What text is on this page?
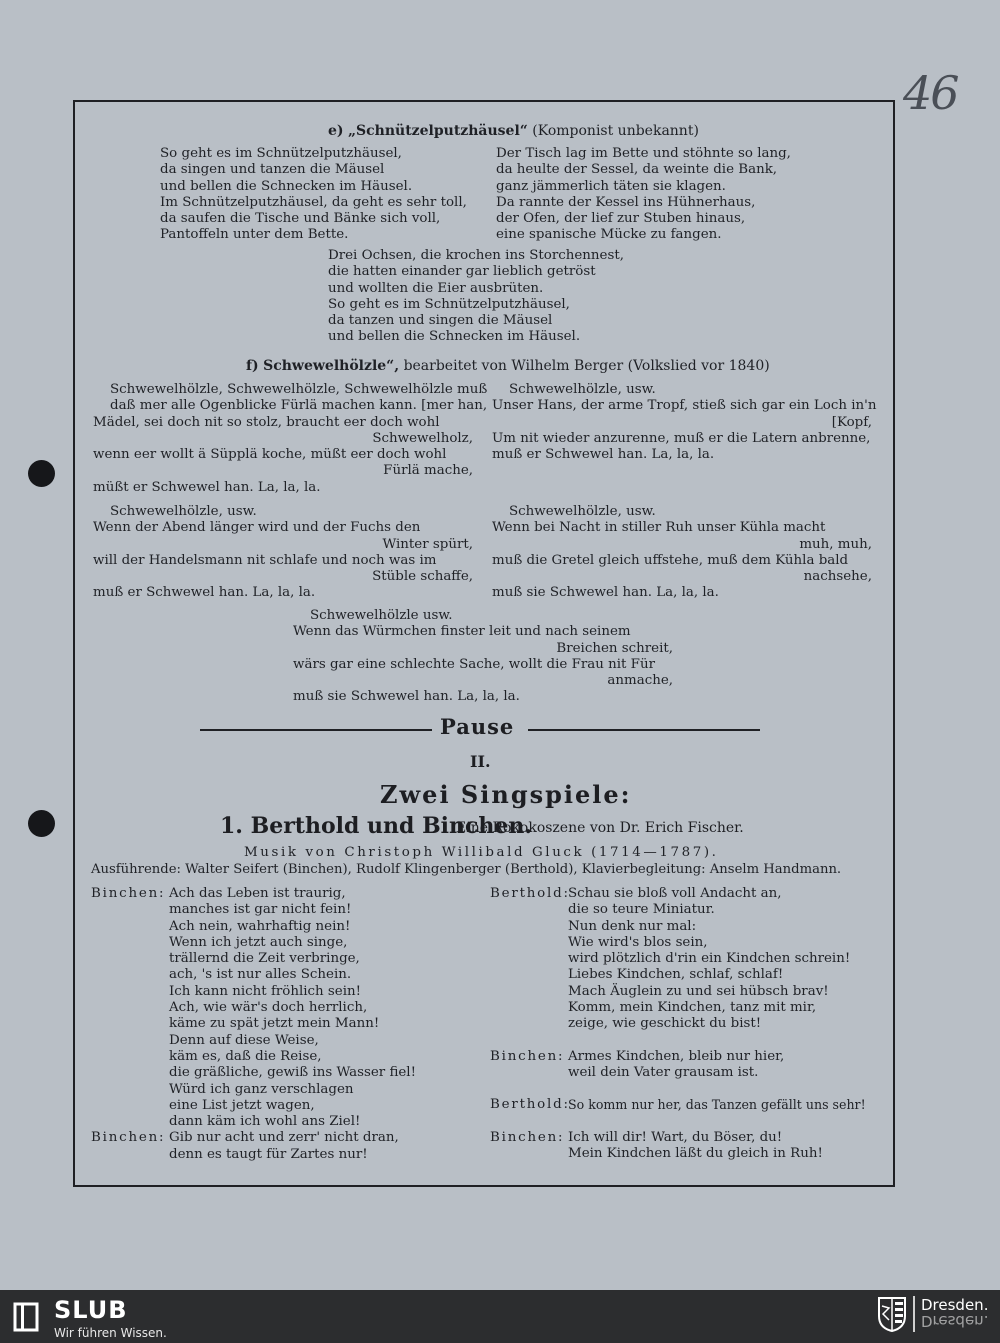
46
e) „Schnützelputzhäusel“ (Komponist unbekannt)

So geht es im Schnützelputzhäusel,

da singen und tanzen die Mäusel

und bellen die Schnecken im Häusel.

Im Schnützelputzhäusel, da geht es sehr toll,

da saufen die Tische und Bänke sich voll,

Pantoffeln unter dem Bette.

Der Tisch lag im Bette und stöhnte so lang,

da heulte der Sessel, da weinte die Bank,

ganz jämmerlich täten sie klagen.

Da rannte der Kessel ins Hühnerhaus,

der Ofen, der lief zur Stuben hinaus,

eine spanische Mücke zu fangen.

Drei Ochsen, die krochen ins Storchennest,

die hatten einander gar lieblich getröst

und wollten die Eier ausbrüten.

So geht es im Schnützelputzhäusel,

da tanzen und singen die Mäusel

und bellen die Schnecken im Häusel.

f) Schwewelhölzle“, bearbeitet von Wilhelm Berger (Volkslied vor 1840)

Schwewelhölzle, Schwewelhölzle, Schwewelhölzle muß

daß mer alle Ogenblicke Fürlä machen kann. [mer han,

Mädel, sei doch nit so stolz, braucht eer doch wohl

Schwewelholz,

wenn eer wollt ä Süpplä koche, müßt eer doch wohl

Fürlä mache,

müßt er Schwewel han. La, la, la.

Schwewelhölzle, usw.

Unser Hans, der arme Tropf, stieß sich gar ein Loch in'n

[Kopf,

Um nit wieder anzurenne, muß er die Latern anbrenne,

muß er Schwewel han. La, la, la.

Schwewelhölzle, usw.

Wenn der Abend länger wird und der Fuchs den

Winter spürt,

will der Handelsmann nit schlafe und noch was im

Stüble schaffe,

muß er Schwewel han. La, la, la.

Schwewelhölzle, usw.

Wenn bei Nacht in stiller Ruh unser Kühla macht

muh, muh,

muß die Gretel gleich uffstehe, muß dem Kühla bald

nachsehe,

muß sie Schwewel han. La, la, la.

Schwewelhölzle usw.

Wenn das Würmchen finster leit und nach seinem

Breichen schreit,

wärs gar eine schlechte Sache, wollt die Frau nit Für

anmache,

muß sie Schwewel han. La, la, la.

Pause
II.
Zwei Singspiele:
1. Berthold und Binchen.
Eine Rokokoszene von Dr. Erich Fischer.
Musik von Christoph Willibald Gluck (1714—1787).
Ausführende: Walter Seifert (Binchen), Rudolf Klingenberger (Berthold), Klavierbegleitung: Anselm Handmann.
Binchen: Ach das Leben ist traurig,

manches ist gar nicht fein!

Ach nein, wahrhaftig nein!

Wenn ich jetzt auch singe,

trällernd die Zeit verbringe,

ach, 's ist nur alles Schein.

Ich kann nicht fröhlich sein!

Ach, wie wär's doch herrlich,

käme zu spät jetzt mein Mann!

Denn auf diese Weise,

käm es, daß die Reise,

die gräßliche, gewiß ins Wasser fiel!

Würd ich ganz verschlagen

eine List jetzt wagen,

dann käm ich wohl ans Ziel!

Binchen: Gib nur acht und zerr' nicht dran,

denn es taugt für Zartes nur!

Berthold:

Schau sie bloß voll Andacht an,

die so teure Miniatur.

Nun denk nur mal:

Wie wird's blos sein,

wird plötzlich d'rin ein Kindchen schrein!

Liebes Kindchen, schlaf, schlaf!

Mach Äuglein zu und sei hübsch brav!

Komm, mein Kindchen, tanz mit mir,

zeige, wie geschickt du bist!

Binchen: Armes Kindchen, bleib nur hier,

weil dein Vater grausam ist.

Berthold:

So komm nur her, das Tanzen gefällt uns sehr!

Binchen: Ich will dir! Wart, du Böser, du!

Mein Kindchen läßt du gleich in Ruh!

SLUB
Wir führen Wissen.
Dresden.
Dresden.
